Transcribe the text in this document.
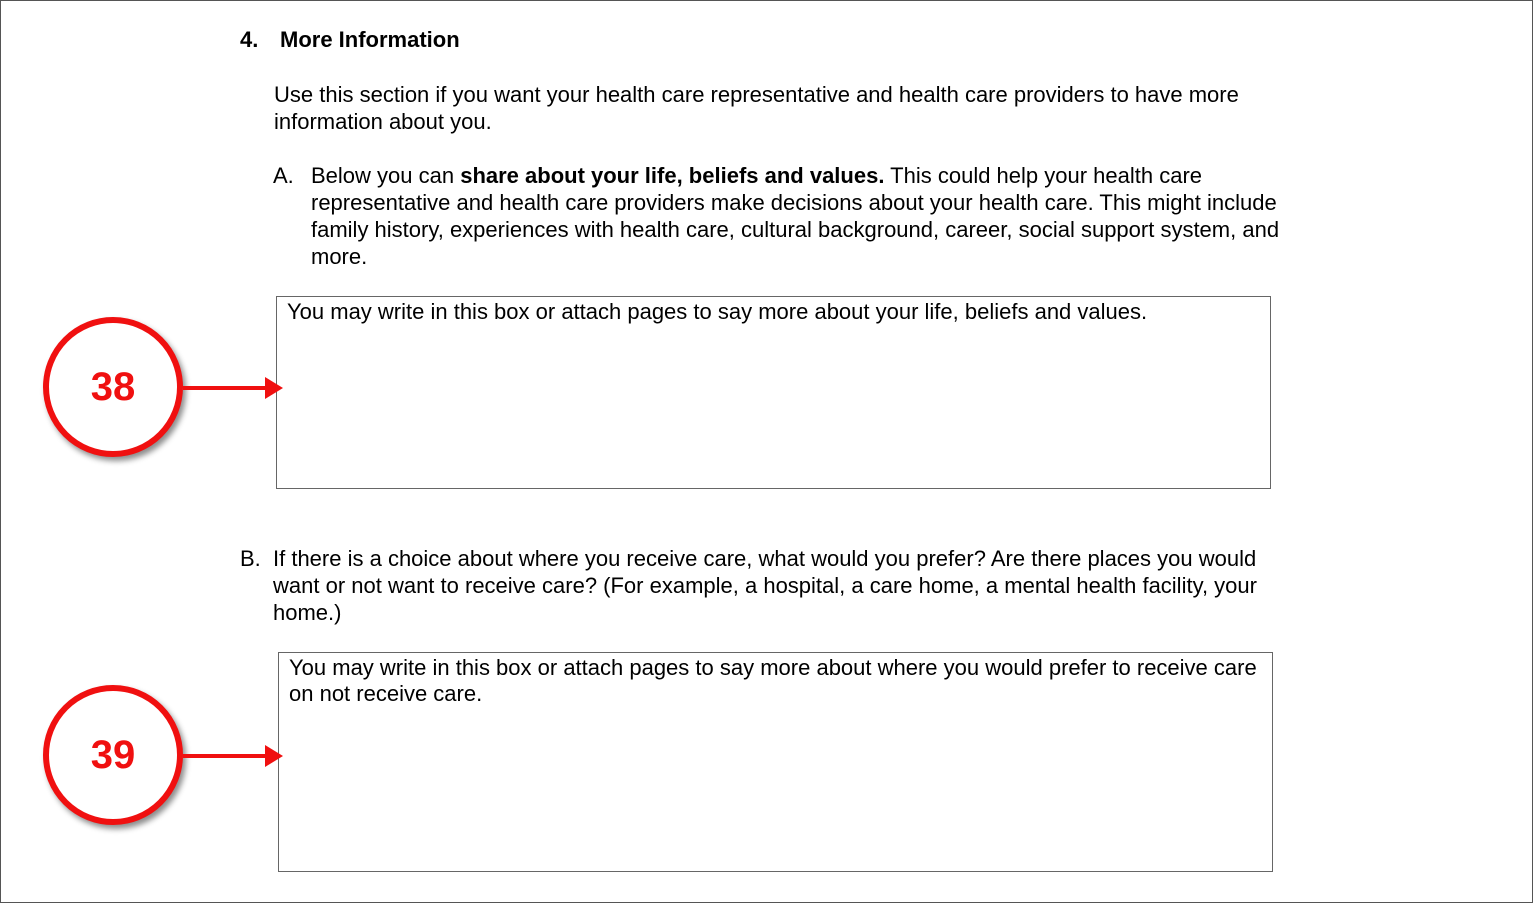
4. More Information
Use this section if you want your health care representative and health care providers to have more information about you.
A. Below you can share about your life, beliefs and values. This could help your health care representative and health care providers make decisions about your health care. This might include family history, experiences with health care, cultural background, career, social support system, and more.
You may write in this box or attach pages to say more about your life, beliefs and values.
B. If there is a choice about where you receive care, what would you prefer? Are there places you would want or not want to receive care? (For example, a hospital, a care home, a mental health facility, your home.)
You may write in this box or attach pages to say more about where you would prefer to receive care on not receive care.
38
39
